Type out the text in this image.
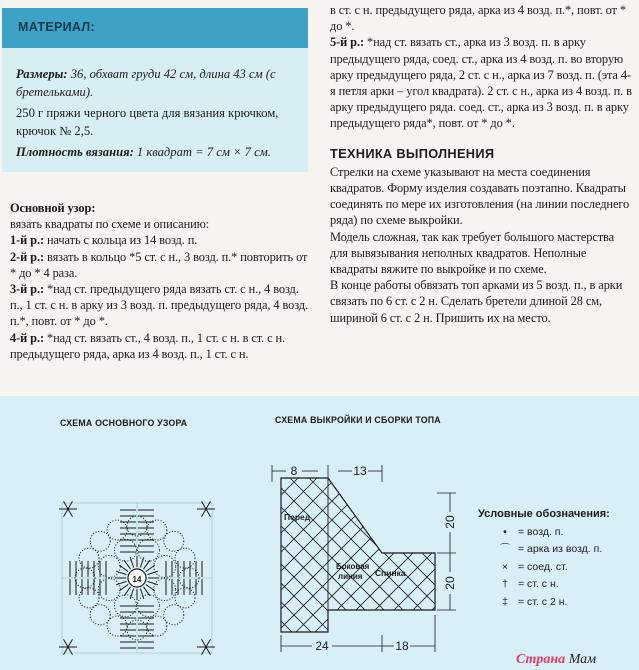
МАТЕРИАЛ:

Размеры: 36, обхват груди 42 см, длина 43 см (с бретельками).

250 г пряжи черного цвета для вязания крючком, крючок № 2,5.

Плотность вязания: 1 квадрат = 7 см × 7 см.

Основной узор:

вязать квадраты по схеме и описанию:

1-й р.: начать с кольца из 14 возд. п.

2-й р.: вязать в кольцо *5 ст. с н., 3 возд. п.* повторить от * до * 4 раза.

3-й р.: *над ст. предыдущего ряда вязать ст. с н., 4 возд. п., 1 ст. с н. в арку из 3 возд. п. предыдущего ряда, 4 возд. п.*, повт. от * до *.

4-й р.: *над ст. вязать ст., 4 возд. п., 1 ст. с н. в ст. с н. предыдущего ряда, арка из 4 возд. п., 1 ст. с н.

в ст. с н. предыдущего ряда, арка из 4 возд. п.*, повт. от * до *.

5-й р.: *над ст. вязать ст., арка из 3 возд. п. в арку предыдущего ряда, соед. ст., арка из 4 возд. п. во вторую арку предыдущего ряда, 2 ст. с н., арка из 7 возд. п. (эта 4-я петля арки – угол квадрата). 2 ст. с н., арка из 4 возд. п. в арку предыдущего ряда. соед. ст., арка из 3 возд. п. в арку предыдущего ряда*, повт. от * до *.

ТЕХНИКА ВЫПОЛНЕНИЯ

Стрелки на схеме указывают на места соединения квадратов. Форму изделия создавать поэтапно. Квадраты соединять по мере их изготовления (на линии последнего ряда) по схеме выкройки.

Модель сложная, так как требует большого мастерства для вывязывания неполных квадратов. Неполные квадраты вяжите по выкройке и по схеме.

В конце работы обвязать топ арками из 5 возд. п., в арки связать по 6 ст. с 2 н. Сделать бретели длиной 28 см, шириной 6 ст. с 2 н. Пришить их на место.

СХЕМА ОСНОВНОГО УЗОРА	СХЕМА ВЫКРОЙКИ И СБОРКИ ТОПА
14
8	13
20
20
24	18
Перед
Боковая
линия Спинка
Условные обозначения:
•	= возд. п.
⌒ = арка из возд. п.
× = соед. ст.
† = ст. с н.
‡ = ст. с 2 н.
Страна Мам
